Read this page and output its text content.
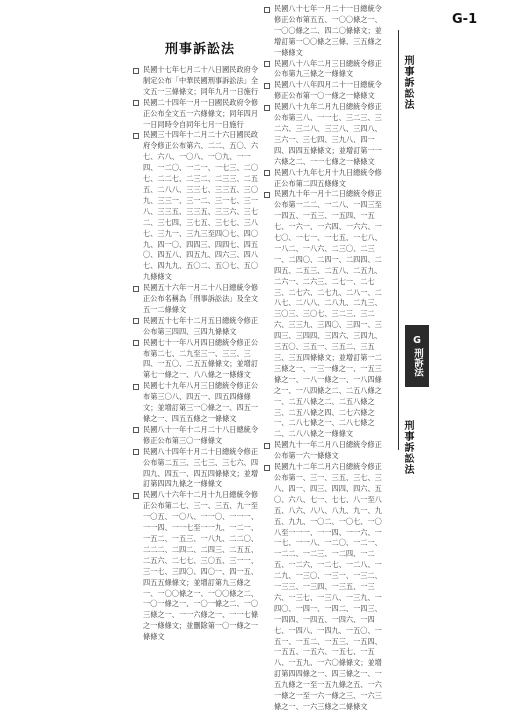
刑事訴訟法
民國十七年七月二十八日國民政府令制定公布「中華民國刑事訴訟法」全文五一三條條文；同年九月一日施行
民國二十四年一月一日國民政府令修正公布全文五一六條條文；同年四月一日同時令自同年七月一日施行
民國三十四年十二月二十六日國民政府令修正公布第六、二二、五〇、六七、六八、一〇八、一〇九、一一四、一二〇、一二一、一七三、二〇七、二二七、二三二、二三三、二五五、二八八、三三七、三三五、三〇九、三三一、三一二、三一七、三一八、三三五、三三五、三三六、三七二、三七四、三七五、三七七、三八七、三九一、三九三至四〇七、四〇九、四一〇、四四三、四四七、四五〇、四五八、四五九、四六三、四八七、四九九、五〇二、五〇七、五〇九條條文
民國五十六年一月二十八日總統令修正公布名稱為「刑事訴訟法」及全文五一二條條文
民國五十七年十二月五日總統令修正公布第三四四、三四九條條文
民國七十一年八月四日總統令修正公布第二七、二九至三一、三三、三四、一五〇、二五五條條文；並增訂第七一條之一、八八條之一條條文
民國七十九年八月三日總統令修正公布第三〇八、四五一、四五四條條文；並增訂第三一〇條之一、四五一條之一、四五五條之一條條文
民國八十一年十二月二十八日總統令修正公布第三〇一條條文
民國八十四年十月二十日總統令修正公布第二五三、三七三、三七六、四四九、四五一、四五四條條文；並增訂第四四九條之一條條文
民國八十六年十二月十九日總統令修正公布第二七、三一、三五、九一至一〇五、一〇八、一一〇、一一一、一一四、一一七至一一九、一二一、一五二、一五三、一八九、二二〇、二二二、二四二、二四三、二五五、二五六、二七七、三〇五、三一一、三一七、三四〇、四〇一、四一五、四五五條條文；並增訂第九三條之一、一〇〇條之一、一〇〇條之二、一〇一條之一、一〇一條之二、一〇三條之一、一一六條之一、一一七條之一條條文；並刪除第一〇一條之一條條文
民國八十七年一月二十一日總統令修正公布第五五、一〇〇條之一、一〇〇條之二、四二〇條條文；並增訂第一〇〇條之三條、三五條之一條條文
民國八十八年二月三日總統令修正公布第九三條之一條條文
民國八十八年四月二十一日總統令修正公布第一〇一條之一條條文
民國八十九年二月九日總統令修正公布第三八、一一七、三二三、三二六、三二八、三三八、三四八、三六一、三七四、三九八、四一四、四四五條條文；並增訂第一一六條之二、一一七條之一條條文
民國八十九年七月十九日總統令修正公布第二四五條條文
民國九十年一月十二日總統令修正公布第一二二、一二八、一四三至一四五、一五三、一五四、一五七、一六一、一六四、一六六、一七〇、一七一、一七五、一七八、一八二、一八六、二三〇、二三一、二四〇、二四一、二四四、二四五、二五三、二五八、二五九、二六一、二六三、二七一、二七三、二七六、二七九、二八一、二八七、二八八、二八九、二九三、三〇三、三〇七、三二三、三二六、三三九、三四〇、三四一、三四三、三四四、三四六、三四九、三五〇、三五一、三五二、三五三、三五四條條文；並增訂第一二三條之一、一三一條之一、一五三條之一、一八一條之一、一八四條之一、一八四條之二、二五八條之一、二五八條之二、二五八條之三、二五八條之四、二七六條之一、二八七條之一、二八七條之二、二八八條之一條條文
民國九十一年二月八日總統令修正公布第一六一條條文
民國九十二年二月六日總統令修正公布第一、三一、三五、三七、三八、四一、四三、四四、四六、五〇、六八、七一、七七、八一至八五、八六、八八、八九、九一、九五、九九、一〇二、一〇七、一〇八至一一一、一一四、一一六、一一七、一一八、一二〇、一二一、一二二、一二三、一二四、一二五、一二六、一二七、一二八、一二九、一三〇、一三一、一三二、一三三、一三四、一三五、一三六、一三七、一三八、一三九、一四〇、一四一、一四二、一四三、一四四、一四五、一四六、一四七、一四八、一四九、一五〇、一五一、一五二、一五三、一五四、一五五、一五六、一五七、一五八、一五九、一六〇條條文；並增訂第四四條之一、四三條之一、一五九條之一至一五九條之五、一六一條之一至一六一條之三、一六三條之一、一六三條之二條條文
G-1
刑事訴訟法
G
刑訴法
刑事訴訟法
